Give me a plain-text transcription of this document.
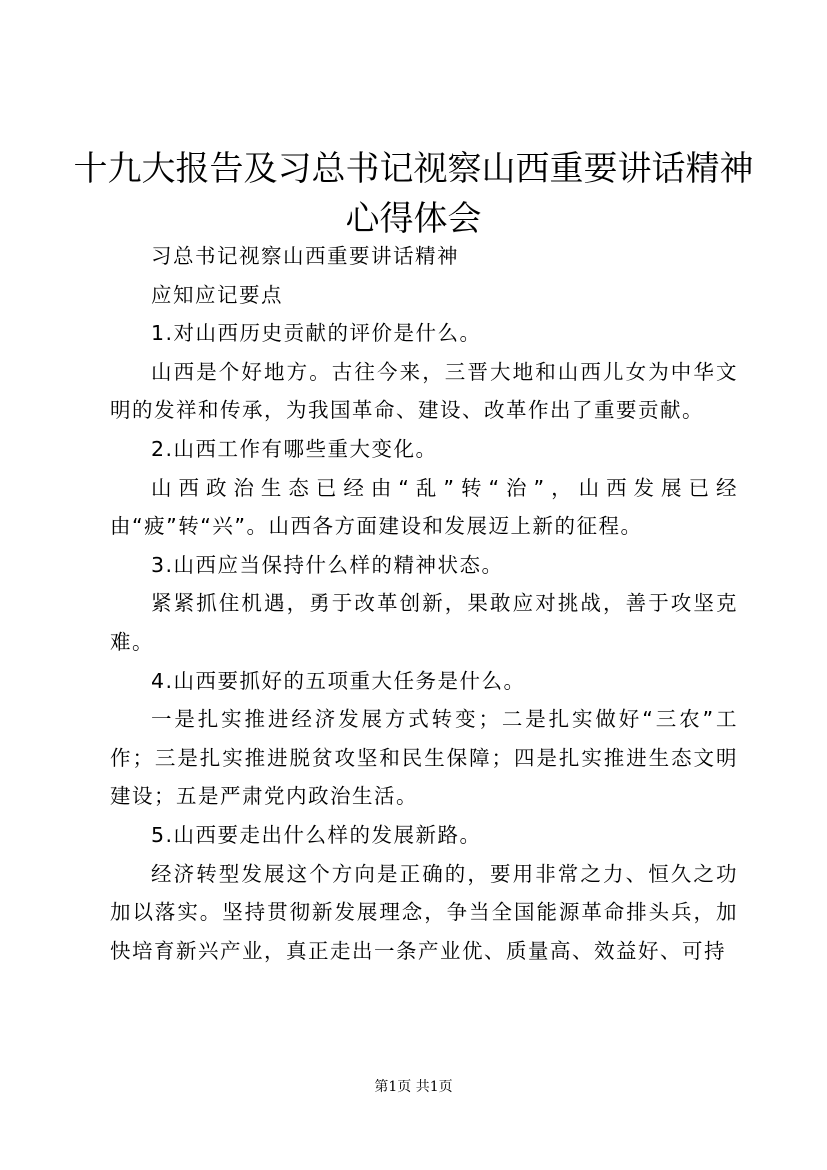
十九大报告及习总书记视察山西重要讲话精神
心得体会

习总书记视察山西重要讲话精神

应知应记要点

1.对山西历史贡献的评价是什么。

山西是个好地方。古往今来，三晋大地和山西儿女为中华文明的发祥和传承，为我国革命、建设、改革作出了重要贡献。

2.山西工作有哪些重大变化。

山西政治生态已经由“乱”转“治”，山西发展已经由“疲”转“兴”。山西各方面建设和发展迈上新的征程。

3.山西应当保持什么样的精神状态。

紧紧抓住机遇，勇于改革创新，果敢应对挑战，善于攻坚克难。

4.山西要抓好的五项重大任务是什么。

一是扎实推进经济发展方式转变；二是扎实做好“三农”工作；三是扎实推进脱贫攻坚和民生保障；四是扎实推进生态文明建设；五是严肃党内政治生活。

5.山西要走出什么样的发展新路。

经济转型发展这个方向是正确的，要用非常之力、恒久之功加以落实。坚持贯彻新发展理念，争当全国能源革命排头兵，加快培育新兴产业，真正走出一条产业优、质量高、效益好、可持

第1页 共1页
